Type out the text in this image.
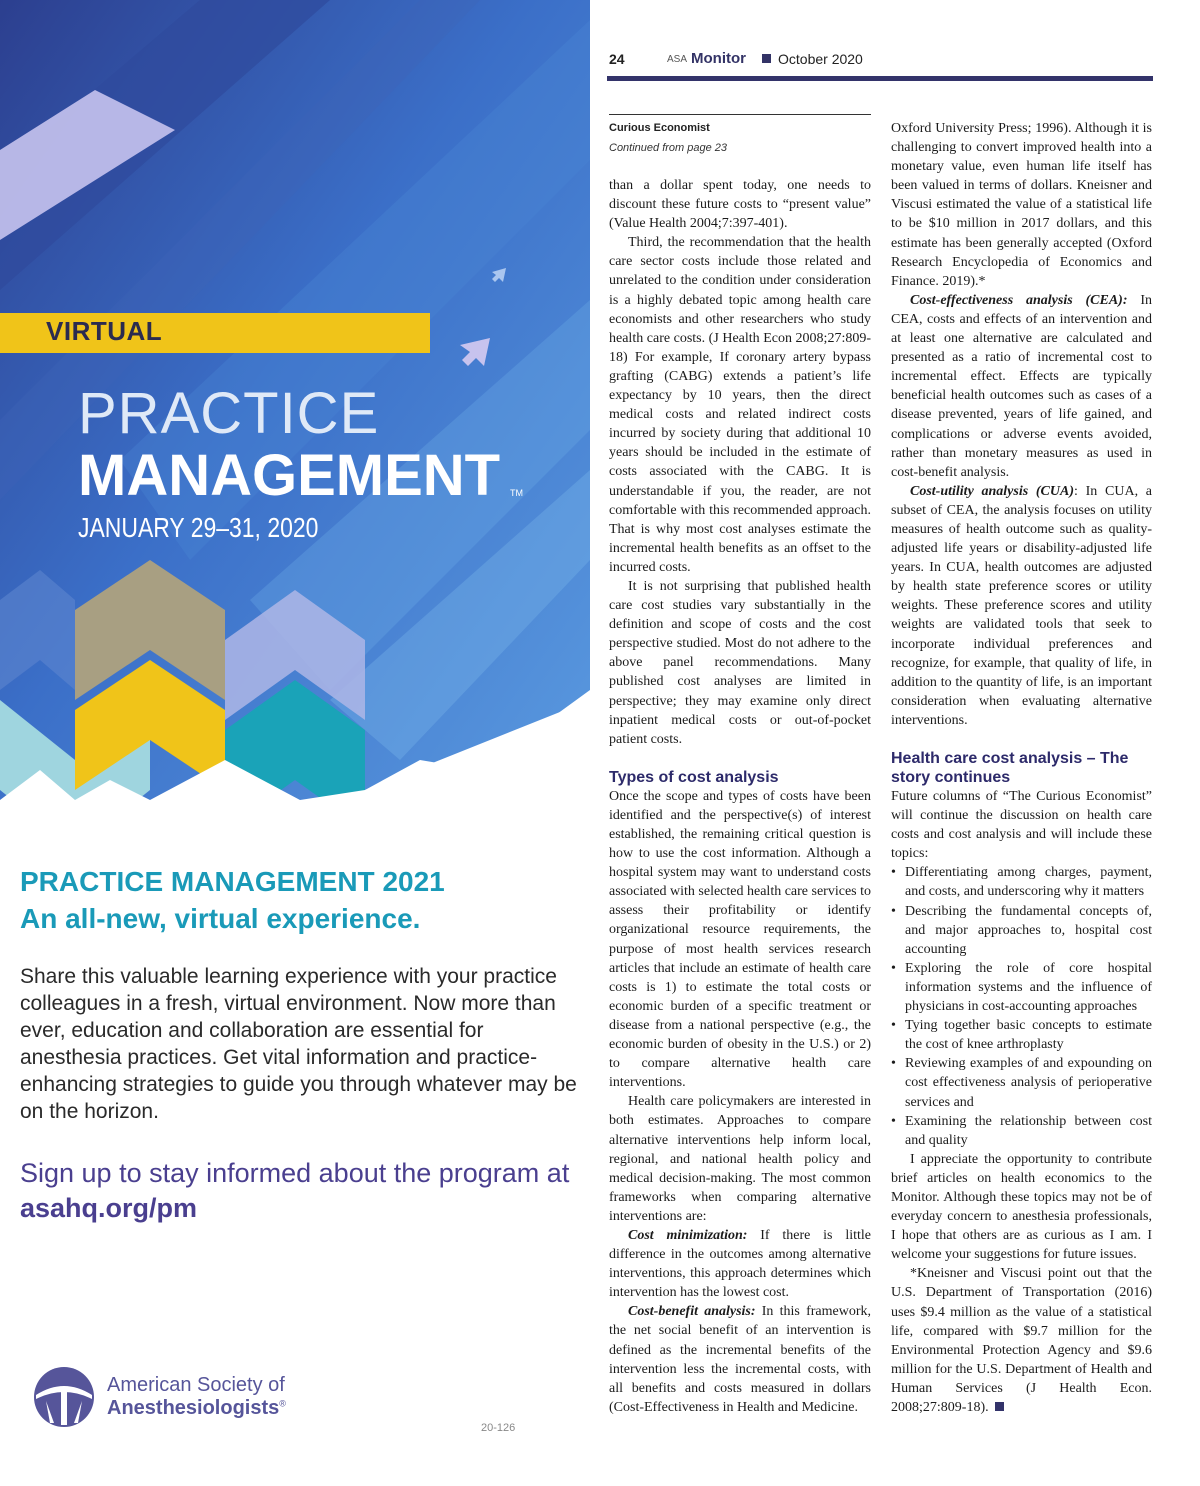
VIRTUAL
PRACTICE
MANAGEMENT TM
JANUARY 29–31, 2020
PRACTICE MANAGEMENT 2021
An all-new, virtual experience.

Share this valuable learning experience with your practice colleagues in a fresh, virtual environment. Now more than ever, education and collaboration are essential for anesthesia practices. Get vital information and practice-enhancing strategies to guide you through whatever may be on the horizon.

Sign up to stay informed about the program at asahq.org/pm

American Society of
Anesthesiologists®
20-126
24	ASA Monitor October 2020
Curious Economist
Continued from page 23

than a dollar spent today, one needs to discount these future costs to “present value” (Value Health 2004;7:397-401).

Third, the recommendation that the health care sector costs include those related and unrelated to the condition under consideration is a highly debated topic among health care economists and other researchers who study health care costs. (J Health Econ 2008;27:809-18) For example, If coronary artery bypass grafting (CABG) extends a patient’s life expectancy by 10 years, then the direct medical costs and related indirect costs incurred by society during that additional 10 years should be included in the estimate of costs associated with the CABG. It is understandable if you, the reader, are not comfortable with this recommended approach. That is why most cost analyses estimate the incremental health benefits as an offset to the incurred costs.

It is not surprising that published health care cost studies vary substantially in the definition and scope of costs and the cost perspective studied. Most do not adhere to the above panel recommendations. Many published cost analyses are limited in perspective; they may examine only direct inpatient medical costs or out-of-pocket patient costs.

Types of cost analysis

Once the scope and types of costs have been identified and the perspective(s) of interest established, the remaining critical question is how to use the cost information. Although a hospital system may want to understand costs associated with selected health care services to assess their profitability or identify organizational resource requirements, the purpose of most health services research articles that include an estimate of health care costs is 1) to estimate the total costs or economic burden of a specific treatment or disease from a national perspective (e.g., the economic burden of obesity in the U.S.) or 2) to compare alternative health care interventions.

Health care policymakers are interested in both estimates. Approaches to compare alternative interventions help inform local, regional, and national health policy and medical decision-making. The most common frameworks when comparing alternative interventions are:

Cost minimization: If there is little difference in the outcomes among alternative interventions, this approach determines which intervention has the lowest cost.

Cost-benefit analysis: In this framework, the net social benefit of an intervention is defined as the incremental benefits of the intervention less the incremental costs, with all benefits and costs measured in dollars (Cost-Effectiveness in Health and Medicine.

Oxford University Press; 1996). Although it is challenging to convert improved health into a monetary value, even human life itself has been valued in terms of dollars. Kneisner and Viscusi estimated the value of a statistical life to be $10 million in 2017 dollars, and this estimate has been generally accepted (Oxford Research Encyclopedia of Economics and Finance. 2019).*

Cost-effectiveness analysis (CEA): In CEA, costs and effects of an intervention and at least one alternative are calculated and presented as a ratio of incremental cost to incremental effect. Effects are typically beneficial health outcomes such as cases of a disease prevented, years of life gained, and complications or adverse events avoided, rather than monetary measures as used in cost-benefit analysis.

Cost-utility analysis (CUA): In CUA, a subset of CEA, the analysis focuses on utility measures of health outcome such as quality-adjusted life years or disability-adjusted life years. In CUA, health outcomes are adjusted by health state preference scores or utility weights. These preference scores and utility weights are validated tools that seek to incorporate individual preferences and recognize, for example, that quality of life, in addition to the quantity of life, is an important consideration when evaluating alternative interventions.

Health care cost analysis – The story continues

Future columns of “The Curious Economist” will continue the discussion on health care costs and cost analysis and will include these topics:

• Differentiating among charges, payment, and costs, and underscoring why it matters
• Describing the fundamental concepts of, and major approaches to, hospital cost accounting
• Exploring the role of core hospital information systems and the influence of physicians in cost-accounting approaches
• Tying together basic concepts to estimate the cost of knee arthroplasty
• Reviewing examples of and expounding on cost effectiveness analysis of perioperative services and
• Examining the relationship between cost and quality

I appreciate the opportunity to contribute brief articles on health economics to the Monitor. Although these topics may not be of everyday concern to anesthesia professionals, I hope that others are as curious as I am. I welcome your suggestions for future issues.

*Kneisner and Viscusi point out that the U.S. Department of Transportation (2016) uses $9.4 million as the value of a statistical life, compared with $9.7 million for the Environmental Protection Agency and $9.6 million for the U.S. Department of Health and Human Services (J Health Econ. 2008;27:809-18).
